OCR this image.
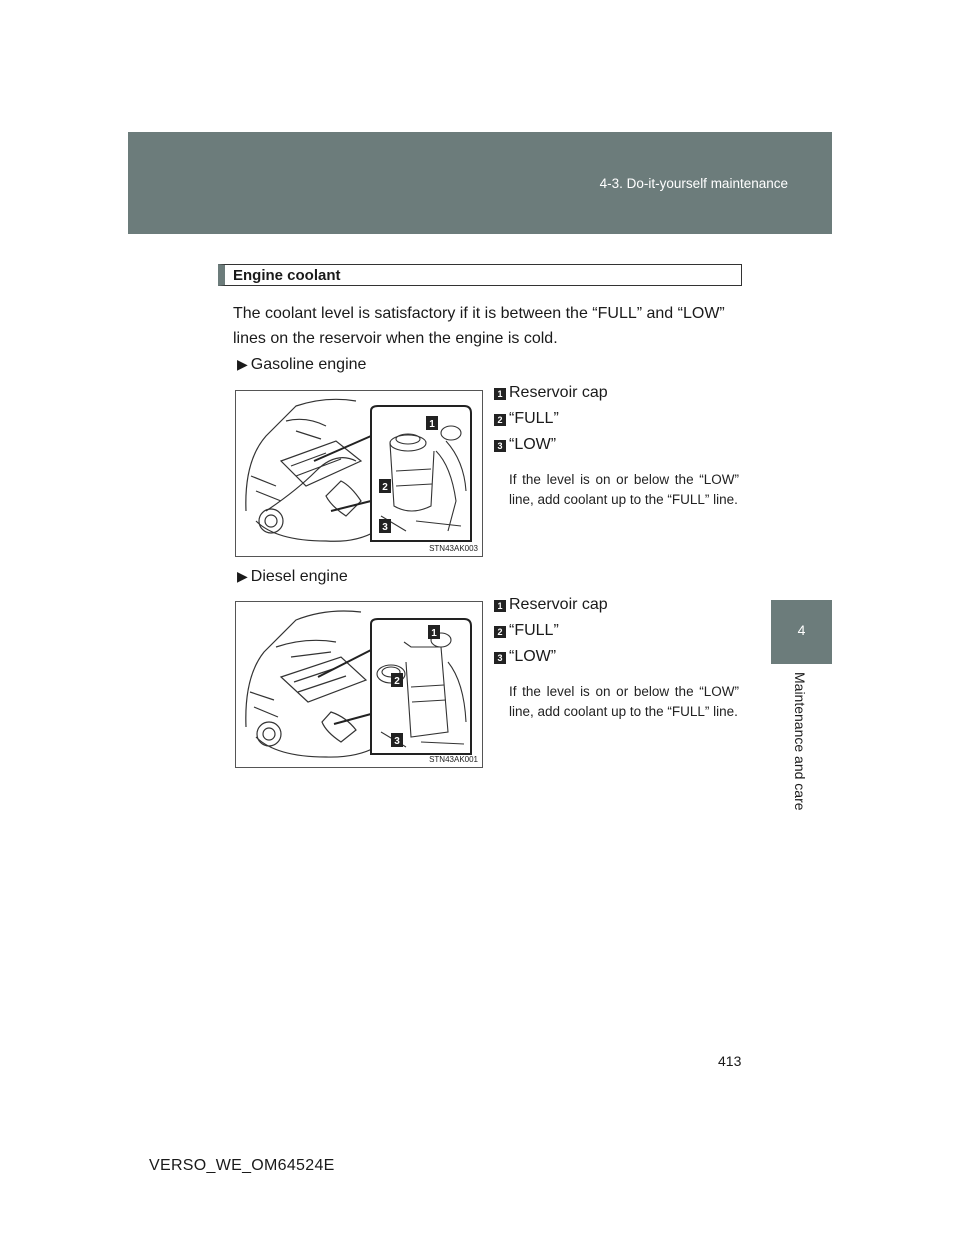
4-3. Do-it-yourself maintenance
4
Maintenance and care
Engine coolant
The coolant level is satisfactory if it is between the “FULL” and “LOW” lines on the reservoir when the engine is cold.
▶ Gasoline engine
1
2
3
STN43AK003
1 Reservoir cap
2 “FULL”
3 “LOW”
If the level is on or below the “LOW” line, add coolant up to the “FULL” line.
▶ Diesel engine
1
2
3
STN43AK001
1 Reservoir cap
2 “FULL”
3 “LOW”
If the level is on or below the “LOW” line, add coolant up to the “FULL” line.
413
VERSO_WE_OM64524E
